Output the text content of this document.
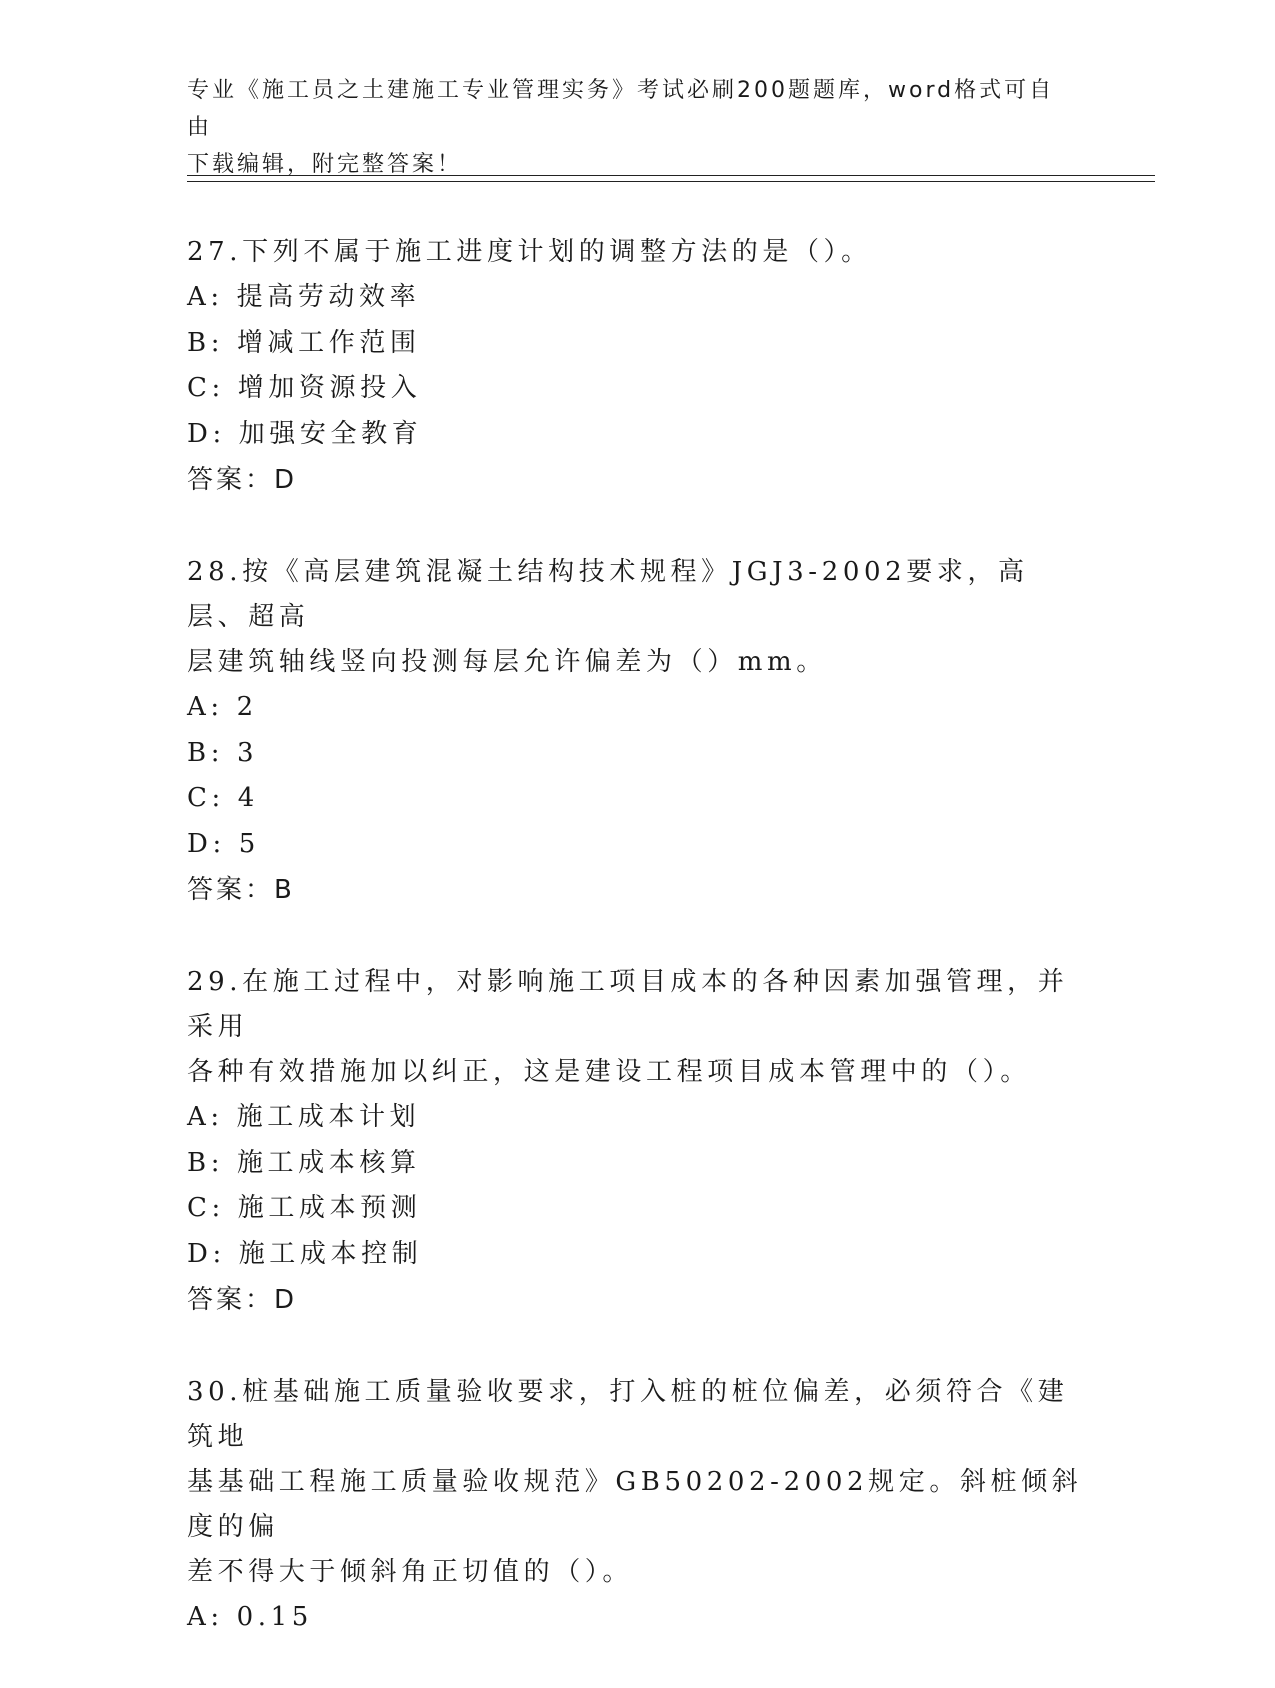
专业《施工员之土建施工专业管理实务》考试必刷200题题库，word格式可自由
下载编辑，附完整答案！
27.下列不属于施工进度计划的调整方法的是（）。
A: 提高劳动效率
B: 增减工作范围
C: 增加资源投入
D: 加强安全教育
答案：D
28.按《高层建筑混凝土结构技术规程》JGJ3-2002要求，高层、超高
层建筑轴线竖向投测每层允许偏差为（）mm。
A: 2
B: 3
C: 4
D: 5
答案：B
29.在施工过程中，对影响施工项目成本的各种因素加强管理，并采用
各种有效措施加以纠正，这是建设工程项目成本管理中的（）。
A: 施工成本计划
B: 施工成本核算
C: 施工成本预测
D: 施工成本控制
答案：D
30.桩基础施工质量验收要求，打入桩的桩位偏差，必须符合《建筑地
基基础工程施工质量验收规范》GB50202-2002规定。斜桩倾斜度的偏
差不得大于倾斜角正切值的（）。
A: 0.15
